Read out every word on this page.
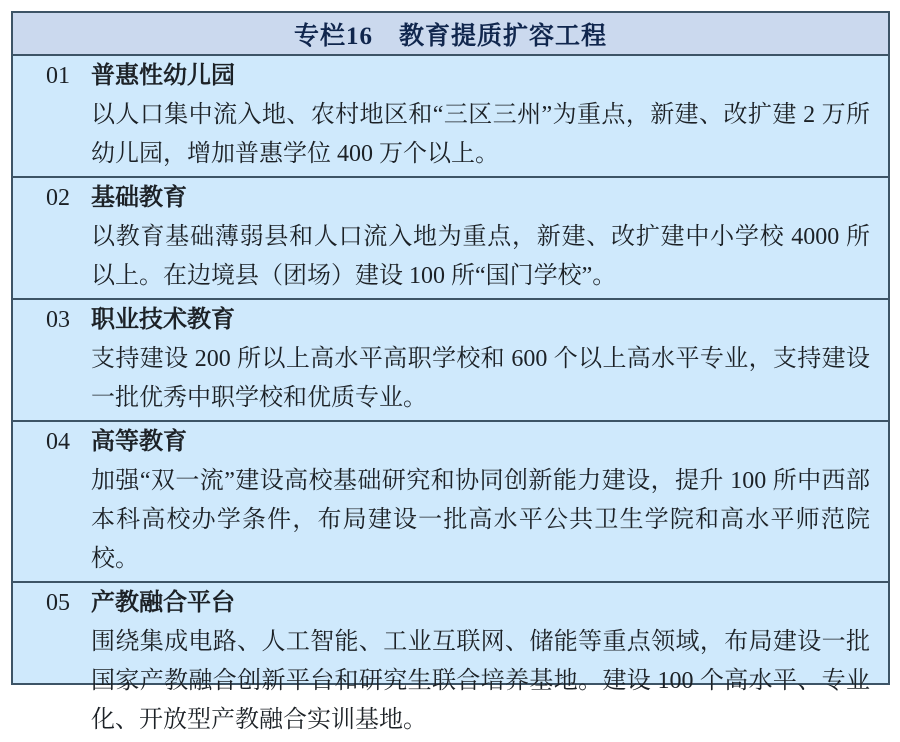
专栏16 教育提质扩容工程
01 普惠性幼儿园
以人口集中流入地、农村地区和“三区三州”为重点，新建、改扩建 2 万所幼儿园，增加普惠学位 400 万个以上。
02 基础教育
以教育基础薄弱县和人口流入地为重点，新建、改扩建中小学校 4000 所以上。在边境县（团场）建设 100 所“国门学校”。
03 职业技术教育
支持建设 200 所以上高水平高职学校和 600 个以上高水平专业，支持建设一批优秀中职学校和优质专业。
04 高等教育
加强“双一流”建设高校基础研究和协同创新能力建设，提升 100 所中西部本科高校办学条件，布局建设一批高水平公共卫生学院和高水平师范院校。
05 产教融合平台
围绕集成电路、人工智能、工业互联网、储能等重点领域，布局建设一批国家产教融合创新平台和研究生联合培养基地。建设 100 个高水平、专业化、开放型产教融合实训基地。
